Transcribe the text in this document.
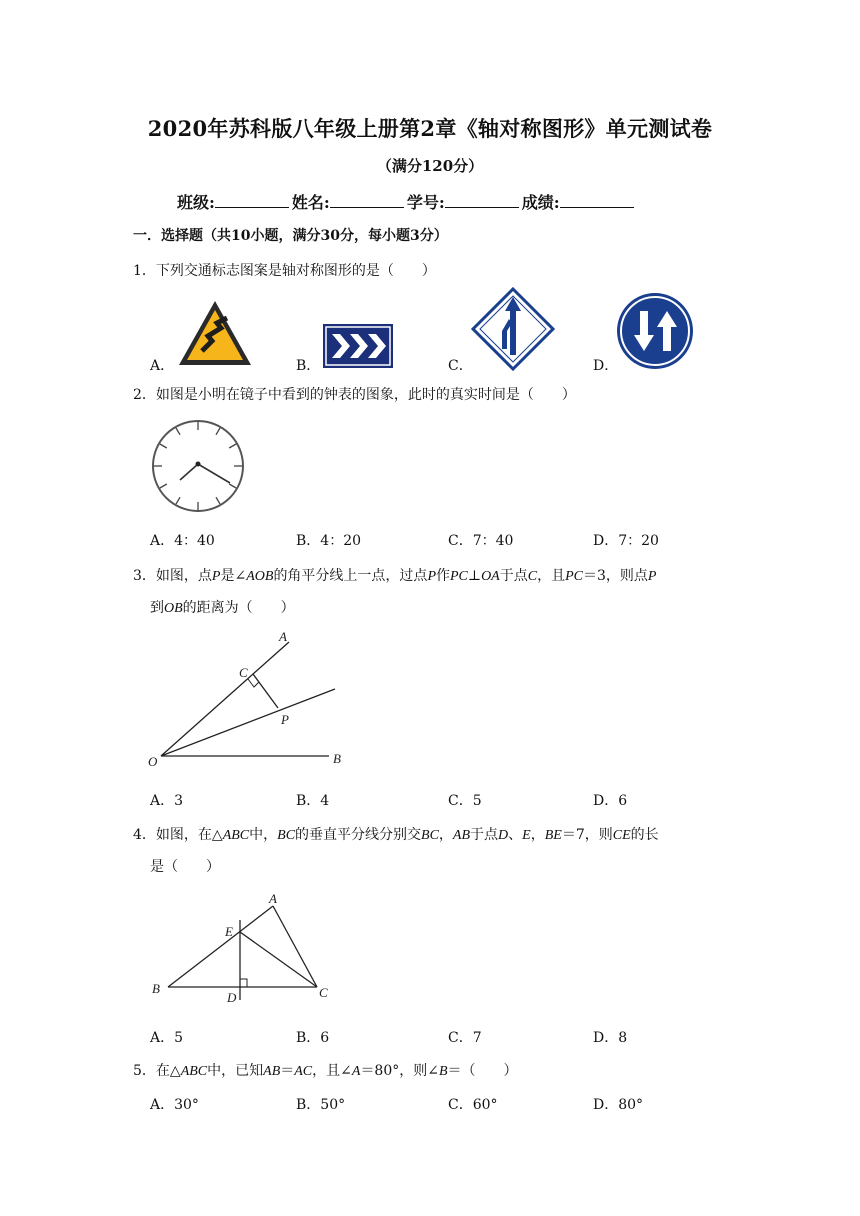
2020年苏科版八年级上册第2章《轴对称图形》单元测试卷
（满分120分）
班级:	姓名:	学号:	成绩:
一．选择题（共10小题，满分30分，每小题3分）
1．下列交通标志图案是轴对称图形的是（　　）
A．	B．	C．	D．
2．如图是小明在镜子中看到的钟表的图象，此时的真实时间是（　　）
A．4：40	B．4：20	C．7：40	D．7：20
3．如图，点P是∠AOB的角平分线上一点，过点P作PC⊥OA于点C，且PC＝3，则点P
到OB的距离为（　　）
A
C
P
O	B
A．3	B．4	C．5	D．6
4．如图，在△ABC中，BC的垂直平分线分别交BC，AB于点D、E，BE＝7，则CE的长
是（　　）
A
E
B
D	C
A．5	B．6	C．7	D．8
5．在△ABC中，已知AB＝AC，且∠A＝80°，则∠B＝（　　）
A．30°	B．50°	C．60°	D．80°
